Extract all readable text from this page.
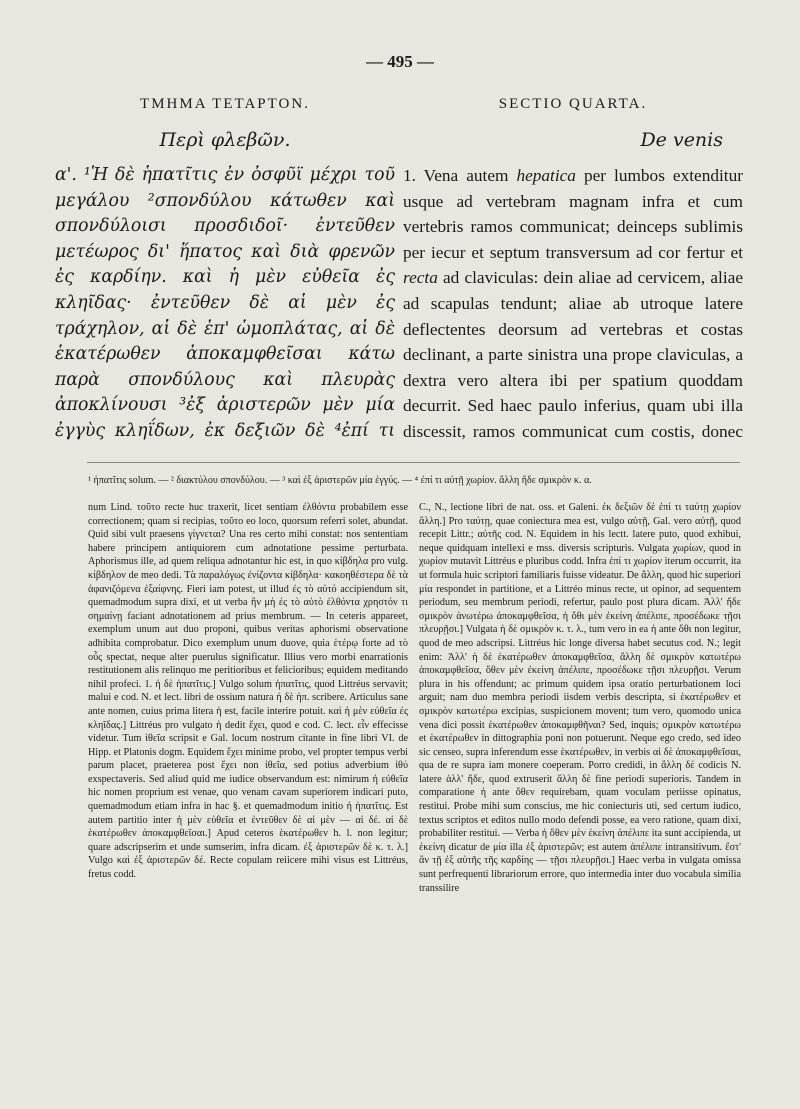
— 495 —
ΤΜΗΜΑ ΤΕΤΑΡΤΟΝ.
Περὶ φλεβῶν.

α'. ¹Ἡ δὲ ἡπατῖτις ἐν ὀσφῦϊ μέχρι τοῦ μεγάλου ²σπονδύλου κάτωθεν καὶ σπονδύλοισι προσδιδοῖ· ἐντεῦθεν μετέωρος δι' ἥπατος καὶ διὰ φρενῶν ἐς καρδίην. καὶ ἡ μὲν εὐθεῖα ἐς κληῖδας· ἐντεῦθεν δὲ αἱ μὲν ἐς τράχηλον, αἱ δὲ ἐπ' ὠμοπλάτας, αἱ δὲ ἑκατέρωθεν ἀποκαμφθεῖσαι κάτω παρὰ σπονδύλους καὶ πλευρὰς ἀποκλίνουσι ³ἐξ ἀριστερῶν μὲν μία ἐγγὺς κληΐδων, ἐκ δεξιῶν δὲ ⁴ἐπί τι

SECTIO QUARTA.
De venis

1. Vena autem hepatica per lumbos extenditur usque ad vertebram magnam infra et cum vertebris ramos communicat; deinceps sublimis per iecur et septum transversum ad cor fertur et recta ad claviculas: dein aliae ad cervicem, aliae ad scapulas tendunt; aliae ab utroque latere deflectentes deorsum ad vertebras et costas declinant, a parte sinistra una prope claviculas, a dextra vero altera ibi per spatium quoddam decurrit. Sed haec paulo inferius, quam ubi illa discessit, ramos communicat cum costis, donec

¹ ἡπατῖτις solum. — ² διακτύλου σπονδύλου. — ³ καὶ ἐξ ἀριστερῶν μία ἐγγύς. — ⁴ ἐπί τι αὐτῇ χωρίον. ἄλλη ἤδε σμικρὸν κ. α.

num Lind. τοῦτο recte huc traxerit, licet sentiam ἐλθόντα probabilem esse correctionem; quam si recipias, τοῦτο eo loco, quorsum referri solet, abundat. Quid sibi vult praesens γίγνεται? Una res certo mihi constat: nos sententiam habere principem antiquiorem cum adnotatione pessime perturbata. Aphorismus ille, ad quem reliqua adnotantur hic est, in quo κίβδηλα pro vulg. κίβδηλον de meo dedi. Τὰ παραλόγως ἐνίζοντα κίβδηλα· κακοηθέστερα δὲ τὰ ἀφανιζόμενα ἐξαίφνης. Fieri iam potest, ut illud ἐς τὸ αὐτό accipiendum sit, quemadmodum supra dixi, et ut verba ἢν μὴ ἐς τὸ αὐτὸ ἐλθόντα χρηστόν τι σημαίνῃ faciant adnotationem ad prius membrum. — In ceteris appareet, exemplum unum aut duo proponi, quibus veritas aphorismi observatione adhibita comprobatur. Dico exemplum unum duove, quia ἑτέρῳ forte ad τὸ οὖς spectat, neque alter puerulus significatur. Illius vero morbi enarrationis restitutionem alis relinquo me peritioribus et felicioribus; equidem meditando nihil profeci. 1. ἡ δὲ ἡπατῖτις.] Vulgo solum ἡπατῖτις, quod Littréus servavit; malui e cod. N. et lect. libri de ossium natura ἡ δὲ ἡπ. scribere. Articulus sane ante nomen, cuius prima litera ἡ est, facile interire potuit. καὶ ἡ μὲν εὐθεῖα ἐς κληῖδας.] Littréus pro vulgato ἡ dedit ἔχει, quod e cod. C. lect. εἶν effecisse videtur. Tum ἰθεῖα scripsit e Gal. locum nostrum citante in fine libri VI. de Hipp. et Platonis dogm. Equidem ἔχει minime probo, vel propter tempus verbi parum placet, praeterea post ἔχει non ἰθεῖα, sed potius adverbium ἰθύ exspectaveris. Sed aliud quid me iudice observandum est: nimirum ἡ εὐθεῖα hic nomen proprium est venae, quo venam cavam superiorem indicari puto, quemadmodum etiam infra in hac §. et quemadmodum initio ἡ ἡπατῖτις. Est autem partitio inter ἡ μὲν εὐθεῖα et ἐντεῦθεν δὲ αἱ μὲν — αἱ δέ. αἱ δὲ ἑκατέρωθεν ἀποκαμφθεῖσαι.] Apud ceteros ἑκατέρωθεν h. l. non legitur; quare adscripserim et unde sumserim, infra dicam. ἐξ ἀριστερῶν δὲ κ. τ. λ.] Vulgo καὶ ἐξ ἀριστερῶν δέ. Recte copulam reiicere mihi visus est Littréus, fretus codd.

C., N., lectione libri de nat. oss. et Galeni. ἐκ δεξιῶν δὲ ἐπί τι ταύτῃ χωρίον ἄλλη.] Pro ταύτῃ, quae coniectura mea est, vulgo αὐτῇ, Gal. vero αὐτῇ, quod recepit Littr.; αὐτῆς cod. N. Equidem in his lectt. latere puto, quod exhibui, neque quidquam intellexi e mss. diversis scripturis. Vulgata χωρίων, quod in χωρίον mutavit Littréus e pluribus codd. Infra ἐπί τι χωρίον iterum occurrit, ita ut formula huic scriptori familiaris fuisse videatur. De ἄλλη, quod hic superiori μία respondet in partitione, et a Littréo minus recte, ut opinor, ad sequentem periodum, seu membrum periodi, refertur, paulo post plura dicam. Ἀλλ' ἤδε σμικρὸν ἀνωτέρω ἀποκαμφθεῖσα, ἡ ὅθι μὲν ἐκείνη ἀπέλιπε, προσέδωκε τῇσι πλευρῇσι.] Vulgata ἡ δὲ σμικρὸν κ. τ. λ., tum vero in ea ἡ ante ὅθι non legitur, quod de meo adscripsi. Littréus hic longe diversa habet secutus cod. N.; legit enim: Ἀλλ' ἡ δὲ ἑκατέρωθεν ἀποκαμφθεῖσα, ἄλλη δὲ σμικρὸν κατωτέρω ἀποκαμφθεῖσα, ὅθεν μὲν ἐκείνη ἀπέλιπε, προσέδωκε τῇσι πλευρῇσι. Verum plura in his offendunt; ac primum quidem ipsa oratio perturbationem loci arguit; nam duo membra periodi iisdem verbis descripta, si ἑκατέρωθεν et σμικρὸν κατωτέρω excipias, suspicionem movent; tum vero, quomodo unica vena dici possit ἑκατέρωθεν ἀποκαμφθῆναι? Sed, inquis; σμικρὸν κατωτέρω et ἑκατέρωθεν in dittographia poni non potuerunt. Neque ego credo, sed ideo sic censeo, supra inferendum esse ἑκατέρωθεν, in verbis αἱ δὲ ἀποκαμφθεῖσαι, qua de re supra iam monere coeperam. Porro credidi, in ἄλλη δέ codicis N. latere ἀλλ' ἤδε, quod extruserit ἄλλη δὲ fine periodi superioris. Tandem in comparatione ἡ ante ὅθεν requirebam, quam voculam periisse opinatus, restitui. Probe mihi sum conscius, me hic coniecturis uti, sed certum iudico, textus scriptos et editos nullo modo defendi posse, ea vero ratione, quam dixi, probabiliter restitui. — Verba ἡ ὅθεν μὲν ἐκείνη ἀπέλιπε ita sunt accipienda, ut ἐκείνη dicatur de μία illa ἐξ ἀριστερῶν; est autem ἀπέλιπε intransitivum. ἔστ' ἂν τῇ ἐξ αὐτῆς τῆς καρδίης — τῇσι πλευρῇσι.] Haec verba in vulgata omissa sunt perfrequenti librariorum errore, quo intermedia inter duo vocabula similia transsilire
